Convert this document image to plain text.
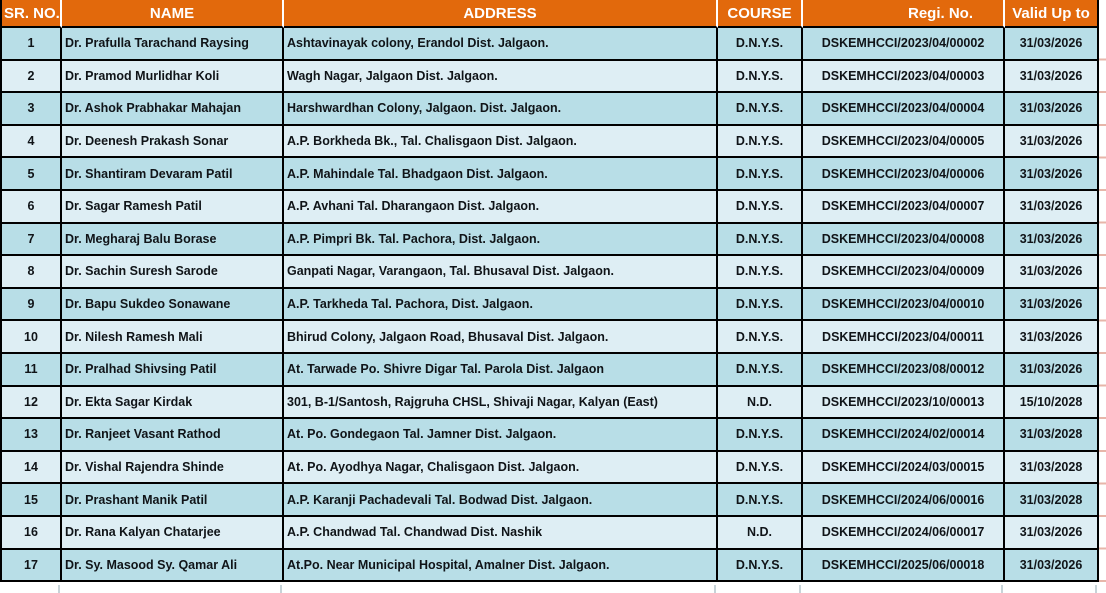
SR. NO.	NAME	ADDRESS	COURSE	Regi. No.	Valid Up to
1	Dr. Prafulla Tarachand Raysing	Ashtavinayak colony, Erandol Dist. Jalgaon.	D.N.Y.S.	DSKEMHCCI/2023/04/00002	31/03/2026
2	Dr. Pramod Murlidhar Koli	Wagh Nagar, Jalgaon Dist. Jalgaon.	D.N.Y.S.	DSKEMHCCI/2023/04/00003	31/03/2026
3	Dr. Ashok Prabhakar Mahajan	Harshwardhan Colony, Jalgaon. Dist. Jalgaon.	D.N.Y.S.	DSKEMHCCI/2023/04/00004	31/03/2026
4	Dr. Deenesh Prakash Sonar	A.P. Borkheda Bk., Tal. Chalisgaon Dist. Jalgaon.	D.N.Y.S.	DSKEMHCCI/2023/04/00005	31/03/2026
5	Dr. Shantiram Devaram Patil	A.P. Mahindale Tal. Bhadgaon Dist. Jalgaon.	D.N.Y.S.	DSKEMHCCI/2023/04/00006	31/03/2026
6	Dr. Sagar Ramesh Patil	A.P. Avhani Tal. Dharangaon Dist. Jalgaon.	D.N.Y.S.	DSKEMHCCI/2023/04/00007	31/03/2026
7	Dr. Megharaj Balu Borase	A.P. Pimpri Bk. Tal. Pachora, Dist. Jalgaon.	D.N.Y.S.	DSKEMHCCI/2023/04/00008	31/03/2026
8	Dr. Sachin Suresh Sarode	Ganpati Nagar, Varangaon, Tal. Bhusaval Dist. Jalgaon.	D.N.Y.S.	DSKEMHCCI/2023/04/00009	31/03/2026
9	Dr. Bapu Sukdeo Sonawane	A.P. Tarkheda Tal. Pachora, Dist. Jalgaon.	D.N.Y.S.	DSKEMHCCI/2023/04/00010	31/03/2026
10	Dr. Nilesh Ramesh Mali	Bhirud Colony, Jalgaon Road, Bhusaval Dist. Jalgaon.	D.N.Y.S.	DSKEMHCCI/2023/04/00011	31/03/2026
11	Dr. Pralhad Shivsing Patil	At. Tarwade Po. Shivre Digar Tal. Parola Dist. Jalgaon	D.N.Y.S.	DSKEMHCCI/2023/08/00012	31/03/2026
12	Dr. Ekta Sagar Kirdak	301, B-1/Santosh, Rajgruha CHSL, Shivaji Nagar, Kalyan (East)	N.D.	DSKEMHCCI/2023/10/00013	15/10/2028
13	Dr. Ranjeet Vasant Rathod	At. Po. Gondegaon Tal. Jamner Dist. Jalgaon.	D.N.Y.S.	DSKEMHCCI/2024/02/00014	31/03/2028
14	Dr. Vishal Rajendra Shinde	At. Po. Ayodhya Nagar, Chalisgaon Dist. Jalgaon.	D.N.Y.S.	DSKEMHCCI/2024/03/00015	31/03/2028
15	Dr. Prashant Manik Patil	A.P. Karanji Pachadevali Tal. Bodwad Dist. Jalgaon.	D.N.Y.S.	DSKEMHCCI/2024/06/00016	31/03/2028
16	Dr. Rana Kalyan Chatarjee	A.P. Chandwad Tal. Chandwad Dist. Nashik	N.D.	DSKEMHCCI/2024/06/00017	31/03/2026
17	Dr. Sy. Masood Sy. Qamar Ali	At.Po. Near Municipal Hospital, Amalner Dist. Jalgaon.	D.N.Y.S.	DSKEMHCCI/2025/06/00018	31/03/2026
